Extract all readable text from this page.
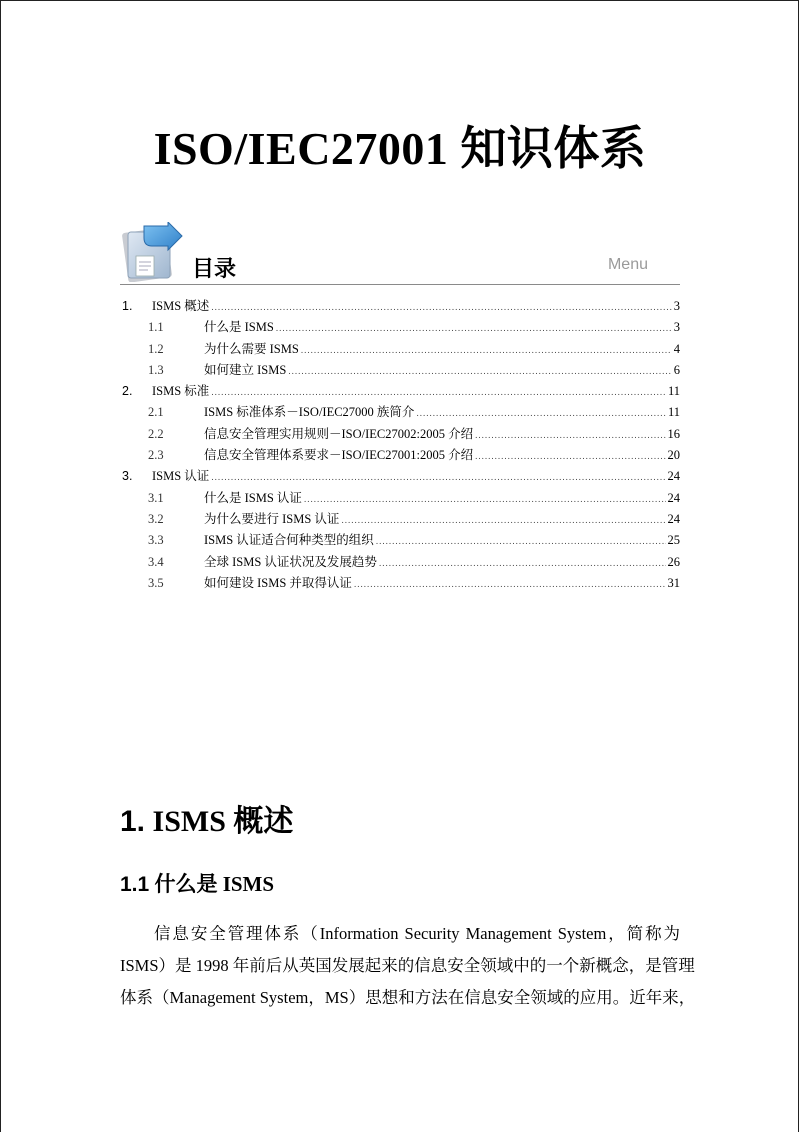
ISO/IEC27001 知识体系
目录	Menu
1.	ISMS 概述 .....	3
1.1	什么是 ISMS .....	3
1.2	为什么需要 ISMS .....	4
1.3	如何建立 ISMS .....	6
2.	ISMS 标准 .....	11
2.1	ISMS 标准体系－ISO/IEC27000 族简介 .....	11
2.2	信息安全管理实用规则－ISO/IEC27002:2005 介绍 .....	16
2.3	信息安全管理体系要求－ISO/IEC27001:2005 介绍 .....	20
3.	ISMS 认证 .....	24
3.1	什么是 ISMS 认证 .....	24
3.2	为什么要进行 ISMS 认证 .....	24
3.3	ISMS 认证适合何种类型的组织 .....	25
3.4	全球 ISMS 认证状况及发展趋势 .....	26
3.5	如何建设 ISMS 并取得认证 .....	31
1. ISMS 概述
1.1 什么是 ISMS
信息安全管理体系（Information Security Management System，简称为
ISMS）是 1998 年前后从英国发展起来的信息安全领域中的一个新概念，是管理
体系（Management System，MS）思想和方法在信息安全领域的应用。近年来，
